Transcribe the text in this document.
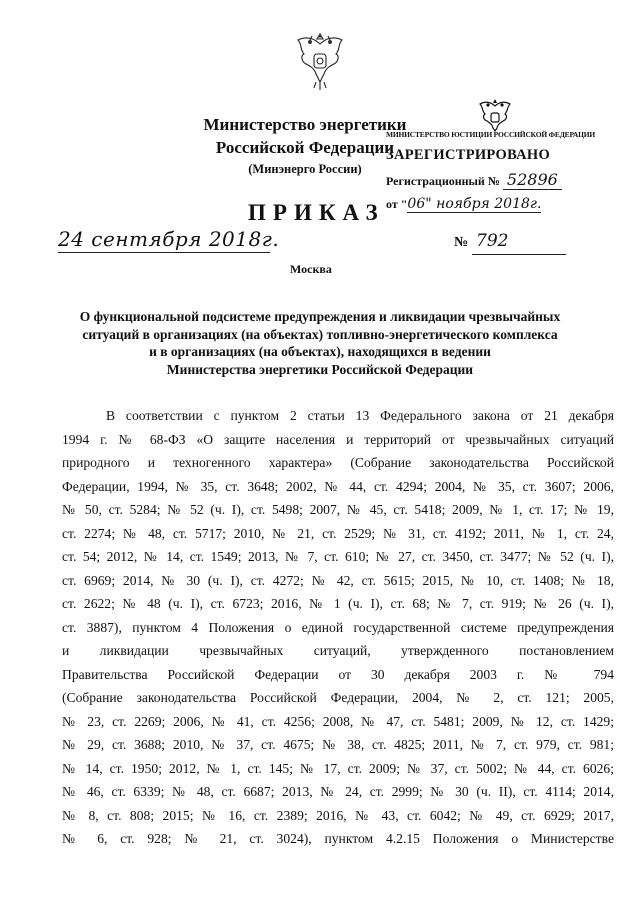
Министерство энергетики
Российской Федерации
(Минэнерго России)
ПРИКАЗ
МИНИСТЕРСТВО ЮСТИЦИИ РОССИЙСКОЙ ФЕДЕРАЦИИ
ЗАРЕГИСТРИРОВАНО
Регистрационный № 52896
от "06" ноября 2018г.
24 сентября 2018г.	№ 792
Москва
О функциональной подсистеме предупреждения и ликвидации чрезвычайных
ситуаций в организациях (на объектах) топливно-энергетического комплекса
и в организациях (на объектах), находящихся в ведении
Министерства энергетики Российской Федерации
В соответствии с пунктом 2 статьи 13 Федерального закона от 21 декабря
1994 г. № 68-ФЗ «О защите населения и территорий от чрезвычайных ситуаций
природного и техногенного характера» (Собрание законодательства Российской
Федерации, 1994, № 35, ст. 3648; 2002, № 44, ст. 4294; 2004, № 35, ст. 3607; 2006,
№ 50, ст. 5284; № 52 (ч. I), ст. 5498; 2007, № 45, ст. 5418; 2009, № 1, ст. 17; № 19,
ст. 2274; № 48, ст. 5717; 2010, № 21, ст. 2529; № 31, ст. 4192; 2011, № 1, ст. 24,
ст. 54; 2012, № 14, ст. 1549; 2013, № 7, ст. 610; № 27, ст. 3450, ст. 3477; № 52 (ч. I),
ст. 6969; 2014, № 30 (ч. I), ст. 4272; № 42, ст. 5615; 2015, № 10, ст. 1408; № 18,
ст. 2622; № 48 (ч. I), ст. 6723; 2016, № 1 (ч. I), ст. 68; № 7, ст. 919; № 26 (ч. I),
ст. 3887), пунктом 4 Положения о единой государственной системе предупреждения
и ликвидации чрезвычайных ситуаций, утвержденного постановлением
Правительства Российской Федерации от 30 декабря 2003 г. № 794
(Собрание законодательства Российской Федерации, 2004, № 2, ст. 121; 2005,
№ 23, ст. 2269; 2006, № 41, ст. 4256; 2008, № 47, ст. 5481; 2009, № 12, ст. 1429;
№ 29, ст. 3688; 2010, № 37, ст. 4675; № 38, ст. 4825; 2011, № 7, ст. 979, ст. 981;
№ 14, ст. 1950; 2012, № 1, ст. 145; № 17, ст. 2009; № 37, ст. 5002; № 44, ст. 6026;
№ 46, ст. 6339; № 48, ст. 6687; 2013, № 24, ст. 2999; № 30 (ч. II), ст. 4114; 2014,
№ 8, ст. 808; 2015; № 16, ст. 2389; 2016, № 43, ст. 6042; № 49, ст. 6929; 2017,
№ 6, ст. 928; № 21, ст. 3024), пунктом 4.2.15 Положения о Министерстве
